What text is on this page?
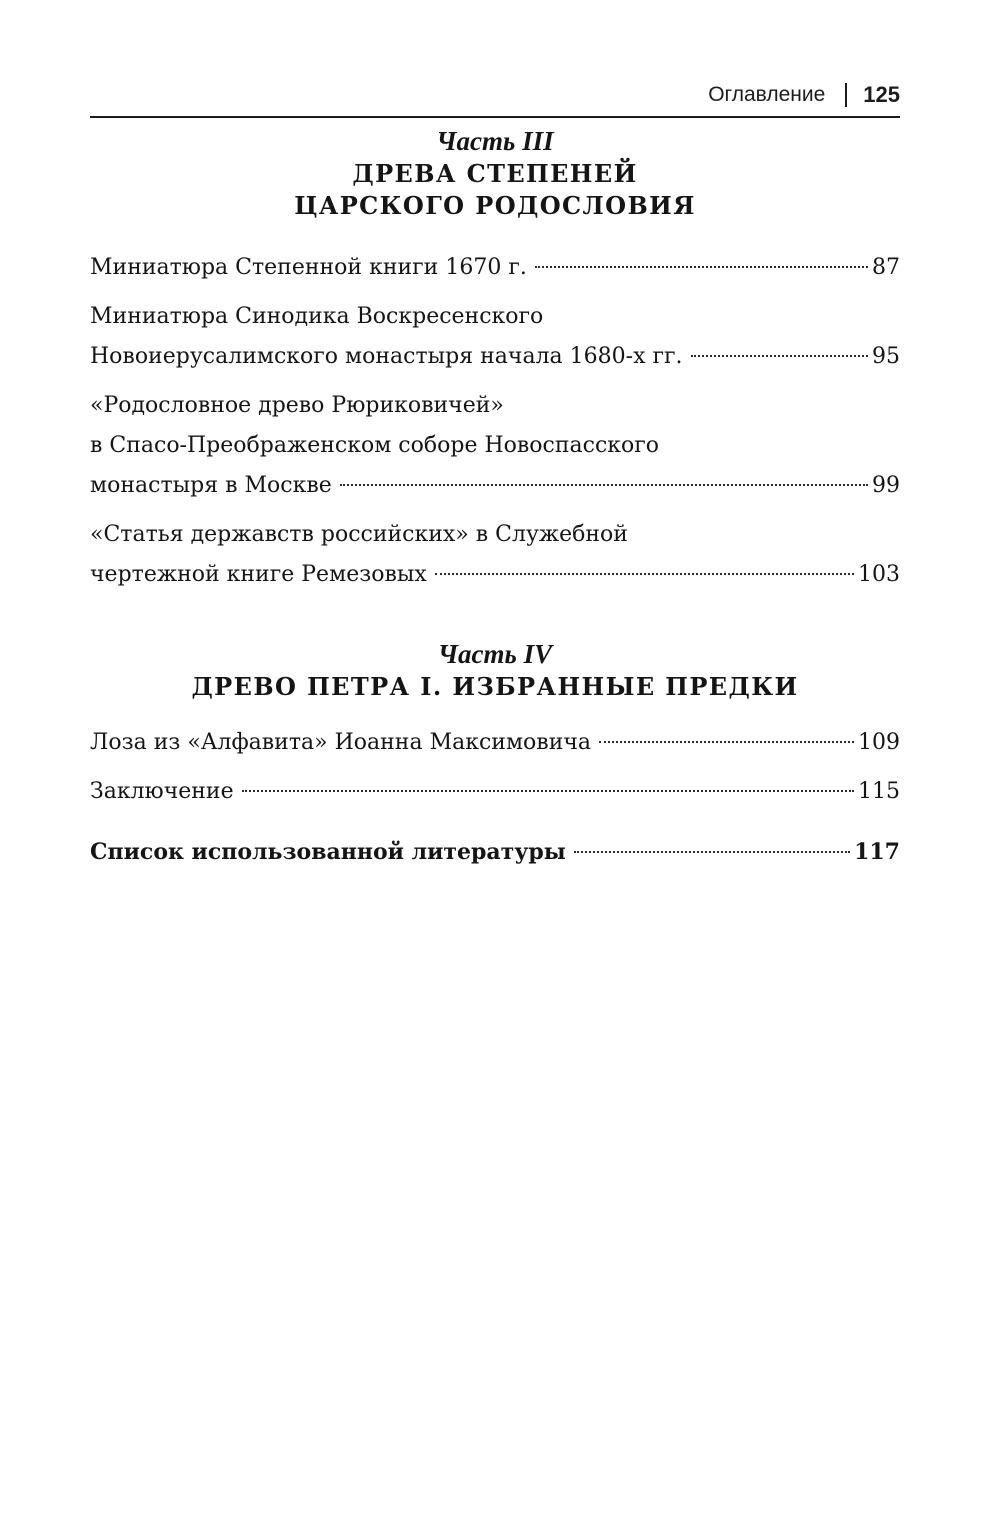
Оглавление 125

Часть III

ДРЕВА СТЕПЕНЕЙ
ЦАРСКОГО РОДОСЛОВИЯ
Миниатюра Степенной книги 1670 г.	87
Миниатюра Синодика Воскресенского
Новоиерусалимского монастыря начала 1680-х гг.	95
«Родословное древо Рюриковичей»
в Спасо-Преображенском соборе Новоспасского
монастыря в Москве	99
«Статья державств российских» в Служебной
чертежной книге Ремезовых	103

Часть IV

ДРЕВО ПЕТРА I. ИЗБРАННЫЕ ПРЕДКИ
Лоза из «Алфавита» Иоанна Максимовича	109
Заключение	115
Список использованной литературы	117
